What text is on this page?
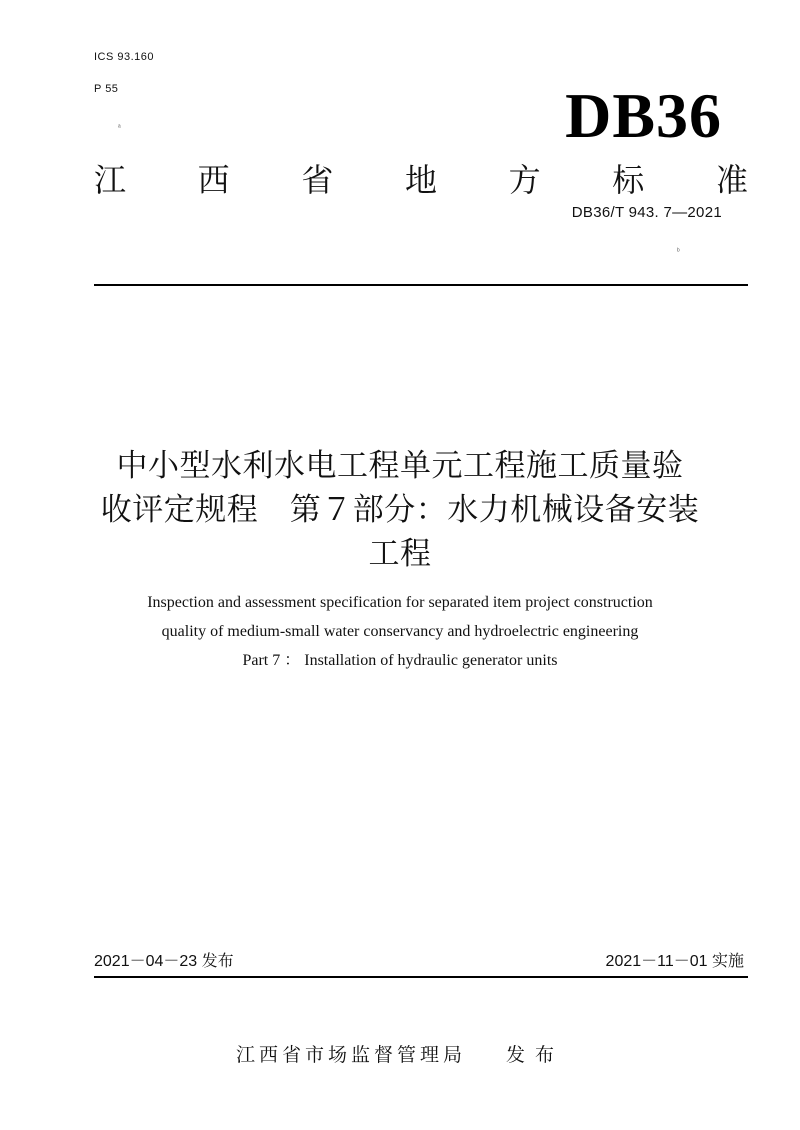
ICS 93.160
P 55
ᵃ	DB36
江 西 省 地 方 标 准
DB36/T 943. 7—2021
ᵇ
中小型水利水电工程单元工程施工质量验
收评定规程　第７部分：水力机械设备安装
工程
Inspection and assessment specification for separated item project construction
quality of medium-small water conservancy and hydroelectric engineering
Part 7 ： Installation of hydraulic generator units
2021－04－23 发布	2021－11－01 实施
江西省市场监督管理局 发布
